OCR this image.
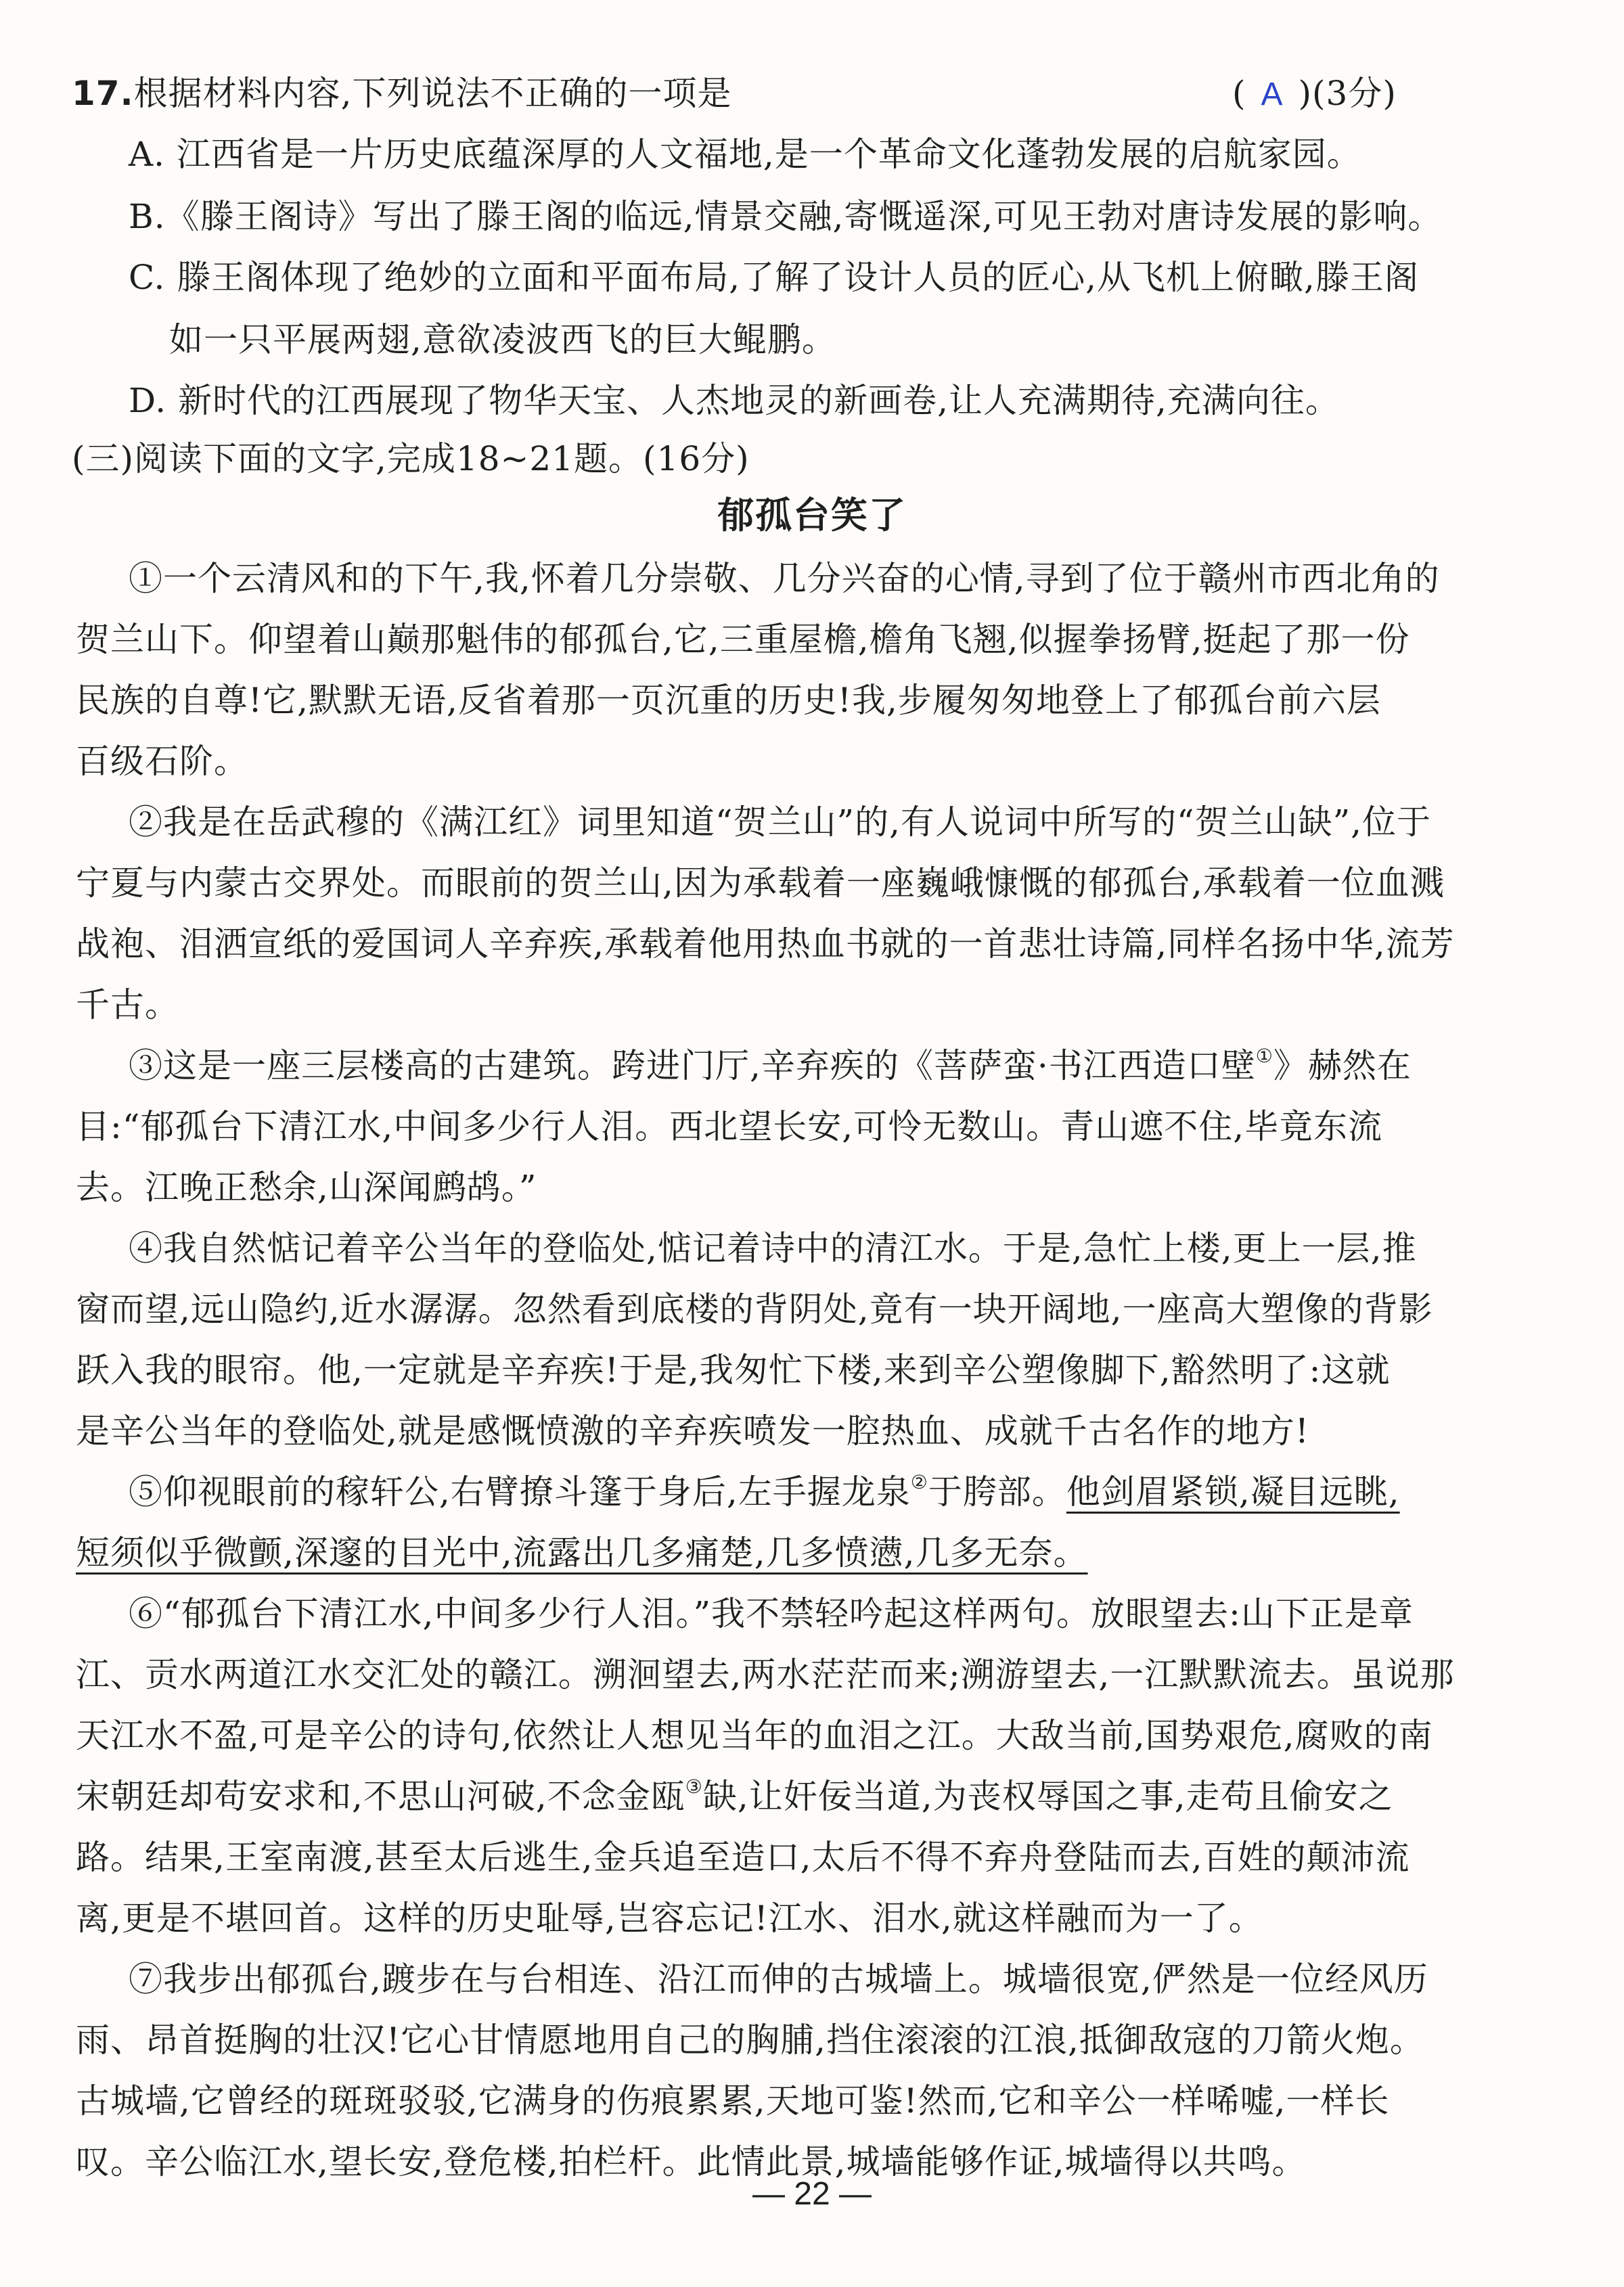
17.根据材料内容,下列说法不正确的一项是	( A )(3分)
A. 江西省是一片历史底蕴深厚的人文福地,是一个革命文化蓬勃发展的启航家园。
B.《滕王阁诗》写出了滕王阁的临远,情景交融,寄慨遥深,可见王勃对唐诗发展的影响。
C. 滕王阁体现了绝妙的立面和平面布局,了解了设计人员的匠心,从飞机上俯瞰,滕王阁
如一只平展两翅,意欲凌波西飞的巨大鲲鹏。
D. 新时代的江西展现了物华天宝、人杰地灵的新画卷,让人充满期待,充满向往。
(三)阅读下面的文字,完成18~21题。(16分)
郁孤台笑了
①一个云清风和的下午,我,怀着几分崇敬、几分兴奋的心情,寻到了位于赣州市西北角的
贺兰山下。仰望着山巅那魁伟的郁孤台,它,三重屋檐,檐角飞翘,似握拳扬臂,挺起了那一份
民族的自尊!它,默默无语,反省着那一页沉重的历史!我,步履匆匆地登上了郁孤台前六层
百级石阶。
②我是在岳武穆的《满江红》词里知道“贺兰山”的,有人说词中所写的“贺兰山缺”,位于
宁夏与内蒙古交界处。而眼前的贺兰山,因为承载着一座巍峨慷慨的郁孤台,承载着一位血溅
战袍、泪洒宣纸的爱国词人辛弃疾,承载着他用热血书就的一首悲壮诗篇,同样名扬中华,流芳
千古。
③这是一座三层楼高的古建筑。跨进门厅,辛弃疾的《菩萨蛮·书江西造口壁①》赫然在
目:“郁孤台下清江水,中间多少行人泪。西北望长安,可怜无数山。青山遮不住,毕竟东流
去。江晚正愁余,山深闻鹧鸪。”
④我自然惦记着辛公当年的登临处,惦记着诗中的清江水。于是,急忙上楼,更上一层,推
窗而望,远山隐约,近水潺潺。忽然看到底楼的背阴处,竟有一块开阔地,一座高大塑像的背影
跃入我的眼帘。他,一定就是辛弃疾!于是,我匆忙下楼,来到辛公塑像脚下,豁然明了:这就
是辛公当年的登临处,就是感慨愤激的辛弃疾喷发一腔热血、成就千古名作的地方!
⑤仰视眼前的稼轩公,右臂撩斗篷于身后,左手握龙泉②于胯部。他剑眉紧锁,凝目远眺,
短须似乎微颤,深邃的目光中,流露出几多痛楚,几多愤懑,几多无奈。
⑥“郁孤台下清江水,中间多少行人泪。”我不禁轻吟起这样两句。放眼望去:山下正是章
江、贡水两道江水交汇处的赣江。溯洄望去,两水茫茫而来;溯游望去,一江默默流去。虽说那
天江水不盈,可是辛公的诗句,依然让人想见当年的血泪之江。大敌当前,国势艰危,腐败的南
宋朝廷却苟安求和,不思山河破,不念金瓯③缺,让奸佞当道,为丧权辱国之事,走苟且偷安之
路。结果,王室南渡,甚至太后逃生,金兵追至造口,太后不得不弃舟登陆而去,百姓的颠沛流
离,更是不堪回首。这样的历史耻辱,岂容忘记!江水、泪水,就这样融而为一了。
⑦我步出郁孤台,踱步在与台相连、沿江而伸的古城墙上。城墙很宽,俨然是一位经风历
雨、昂首挺胸的壮汉!它心甘情愿地用自己的胸脯,挡住滚滚的江浪,抵御敌寇的刀箭火炮。
古城墙,它曾经的斑斑驳驳,它满身的伤痕累累,天地可鉴!然而,它和辛公一样唏嘘,一样长
叹。辛公临江水,望长安,登危楼,拍栏杆。此情此景,城墙能够作证,城墙得以共鸣。
— 22 —
